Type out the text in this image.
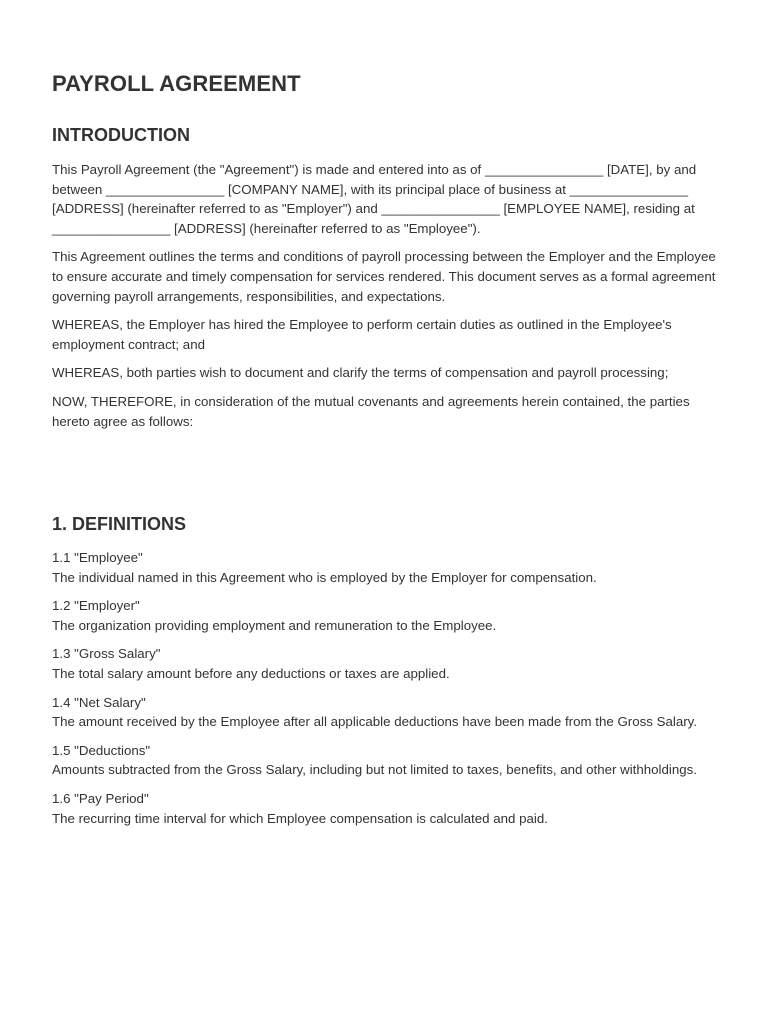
PAYROLL AGREEMENT
INTRODUCTION

This Payroll Agreement (the "Agreement") is made and entered into as of ________________ [DATE], by and between ________________ [COMPANY NAME], with its principal place of business at ________________ [ADDRESS] (hereinafter referred to as "Employer") and ________________ [EMPLOYEE NAME], residing at ________________ [ADDRESS] (hereinafter referred to as "Employee").

This Agreement outlines the terms and conditions of payroll processing between the Employer and the Employee to ensure accurate and timely compensation for services rendered. This document serves as a formal agreement governing payroll arrangements, responsibilities, and expectations.

WHEREAS, the Employer has hired the Employee to perform certain duties as outlined in the Employee's employment contract; and

WHEREAS, both parties wish to document and clarify the terms of compensation and payroll processing;

NOW, THEREFORE, in consideration of the mutual covenants and agreements herein contained, the parties hereto agree as follows:

1. DEFINITIONS
1.1 "Employee"
The individual named in this Agreement who is employed by the Employer for compensation.
1.2 "Employer"
The organization providing employment and remuneration to the Employee.
1.3 "Gross Salary"
The total salary amount before any deductions or taxes are applied.
1.4 "Net Salary"
The amount received by the Employee after all applicable deductions have been made from the Gross Salary.
1.5 "Deductions"
Amounts subtracted from the Gross Salary, including but not limited to taxes, benefits, and other withholdings.
1.6 "Pay Period"
The recurring time interval for which Employee compensation is calculated and paid.
